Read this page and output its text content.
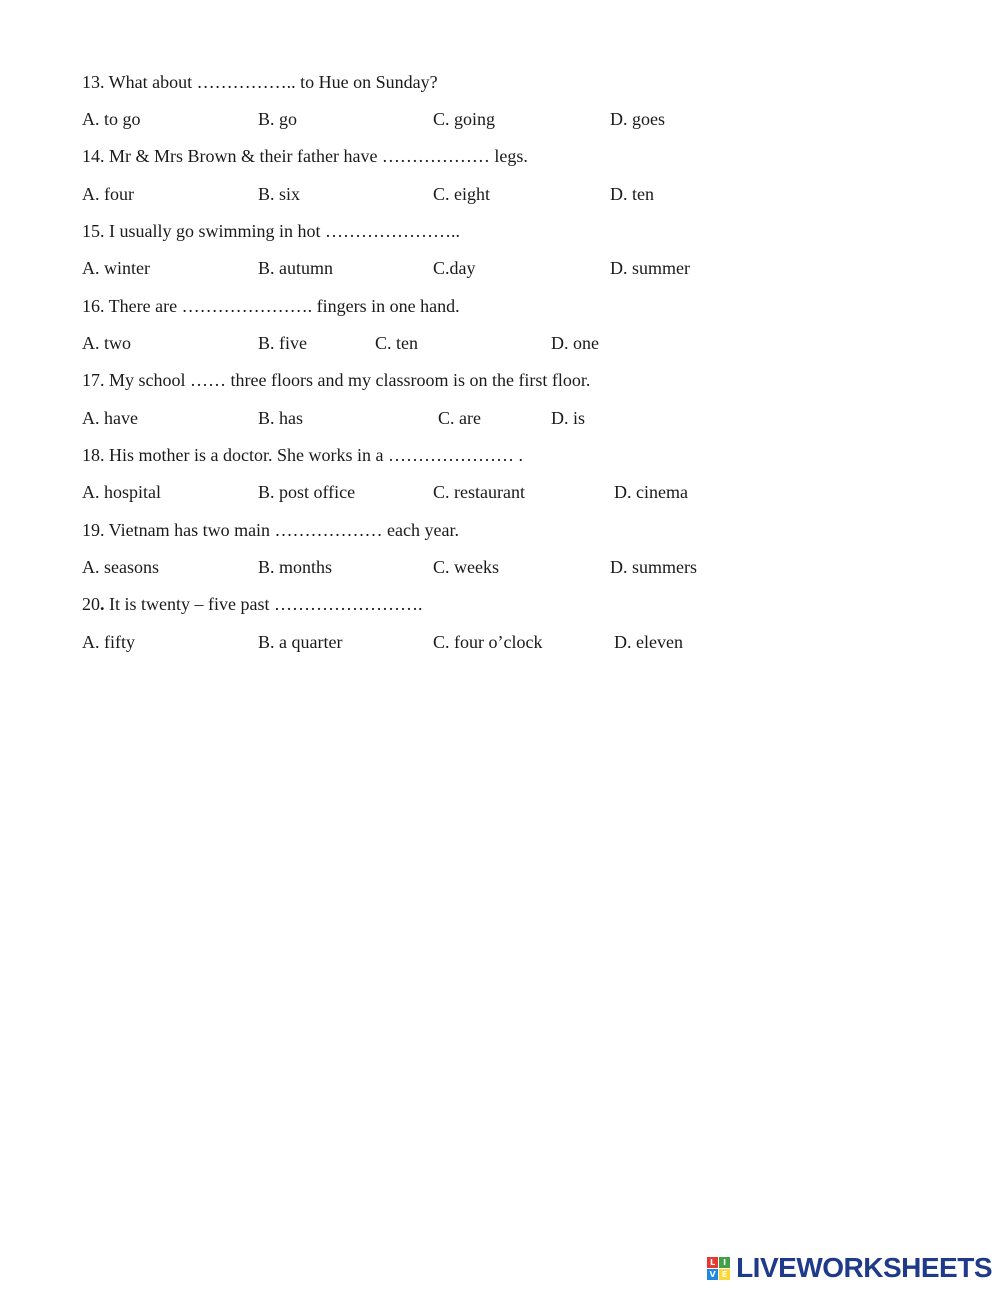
13. What about …………….. to Hue on Sunday?
A. to go	B. go	C. going	D. goes
14. Mr & Mrs Brown & their father have ……………… legs.
A. four	B. six	C. eight	D. ten
15. I usually go swimming in hot …………………..
A. winter	B. autumn	C.day	D. summer
16. There are …………………. fingers in one hand.
A. two	B. five	C. ten	D. one
17. My school …… three floors and my classroom is on the first floor.
A. have	B. has	C. are	D. is
18. His mother is a doctor. She works in a ………………… .
A. hospital	B. post office	C. restaurant	D. cinema
19. Vietnam has two main ……………… each year.
A. seasons	B. months	C. weeks	D. summers
20. It is twenty – five past …………………….
A. fifty	B. a quarter	C. four o’clock	D. eleven
L I
V E LIVEWORKSHEETS
